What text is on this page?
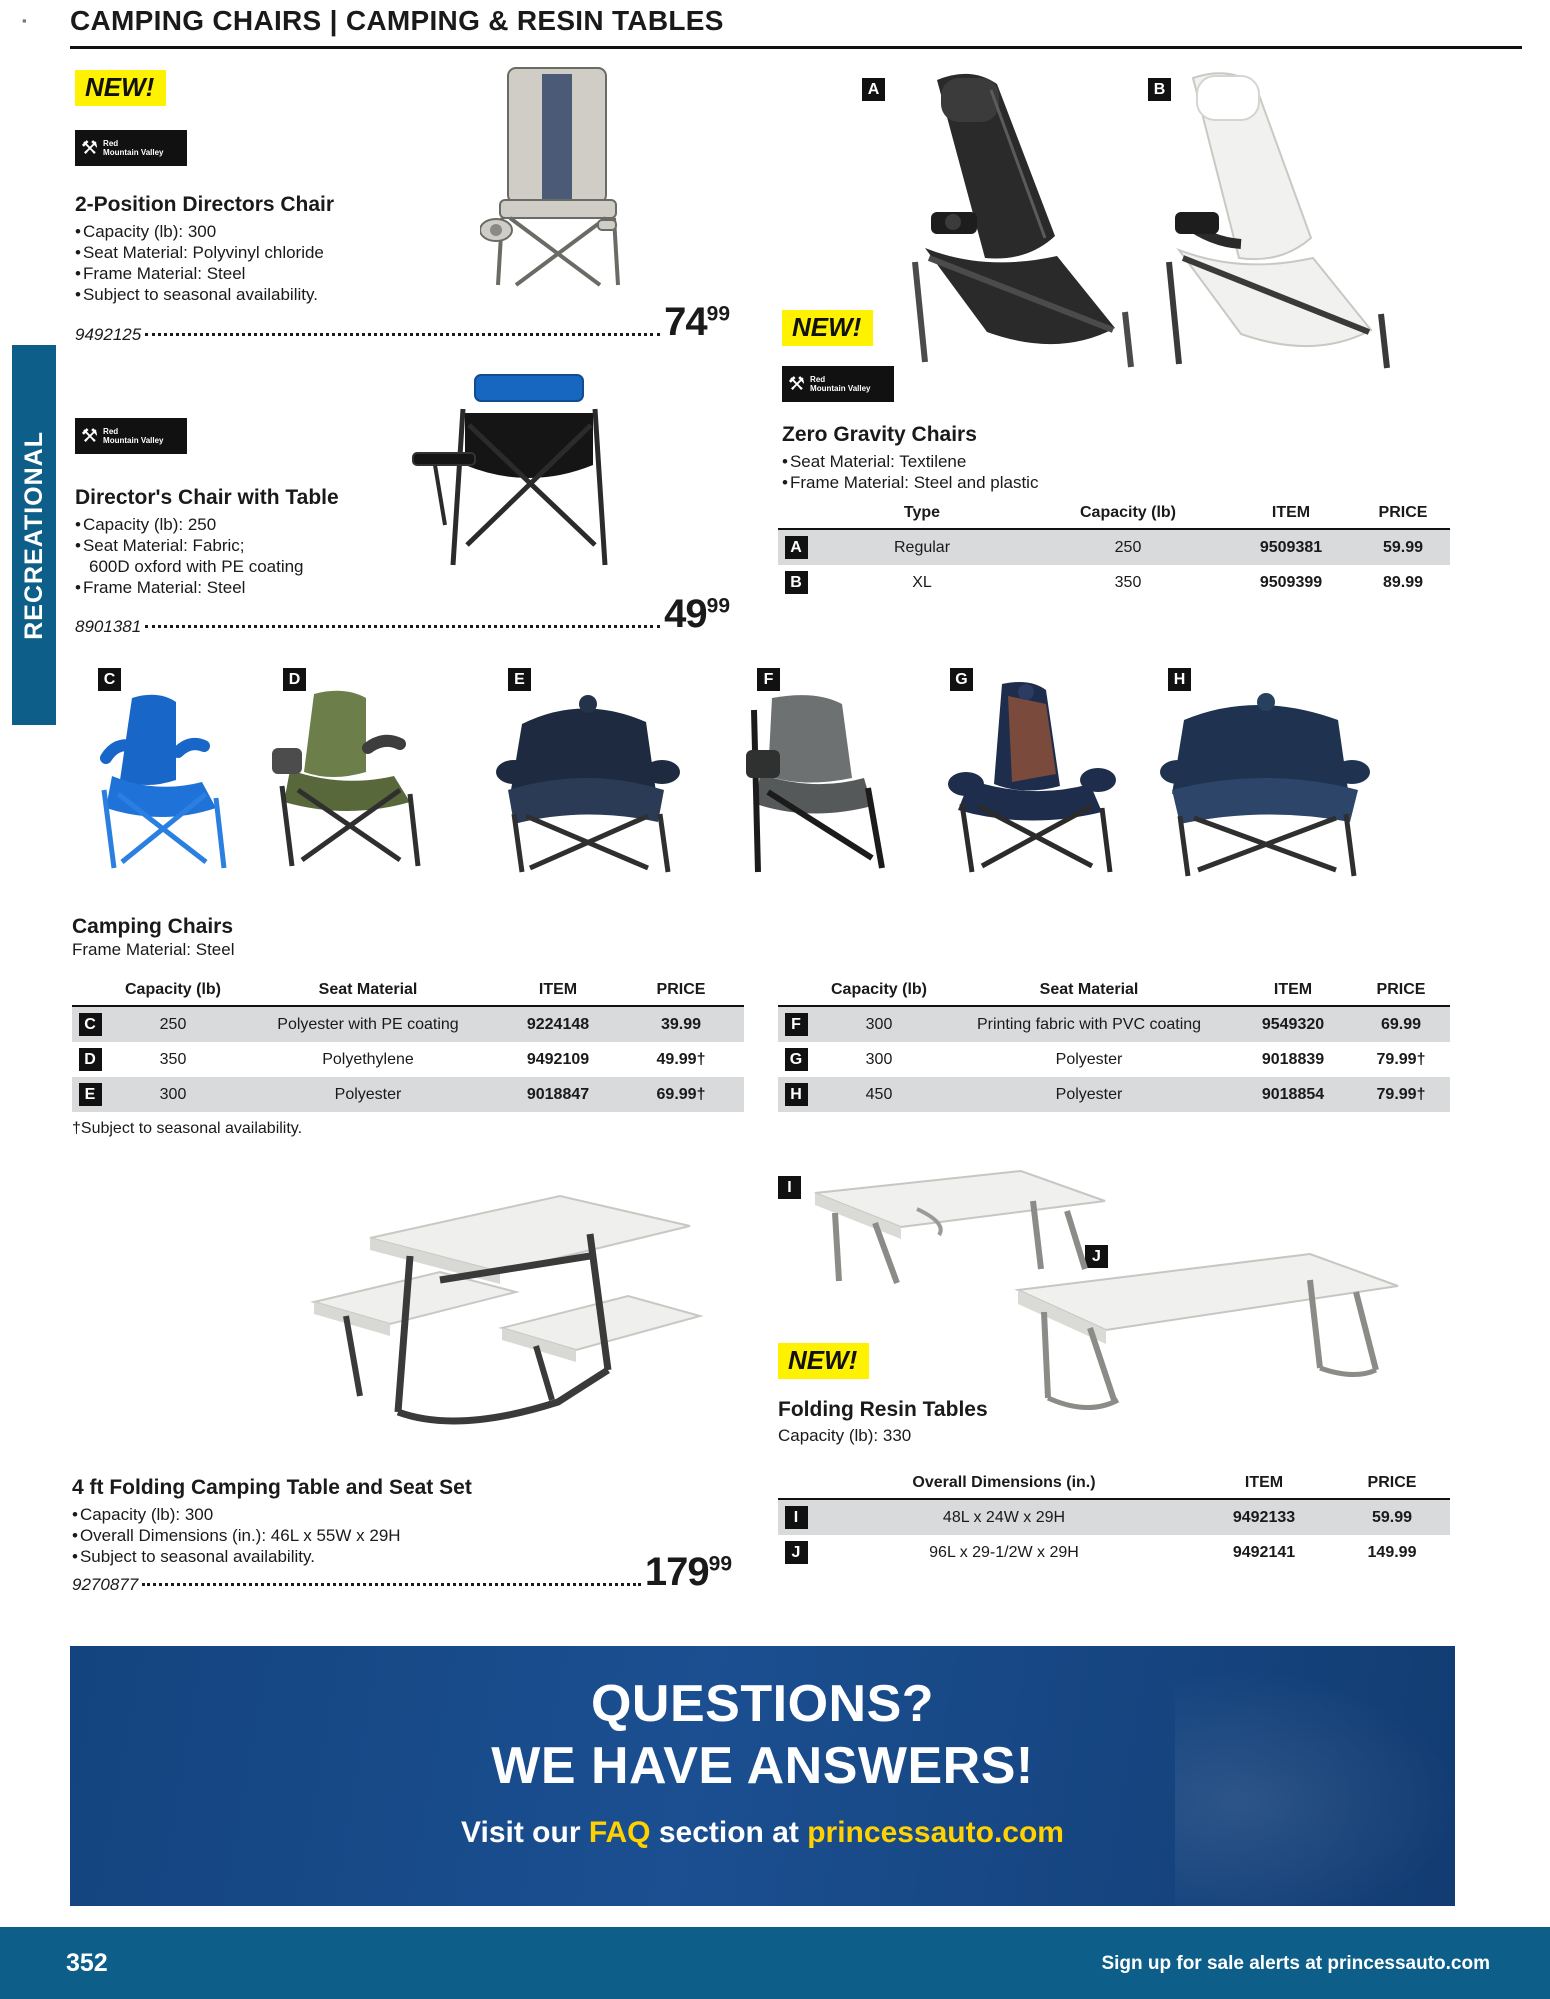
▪
RECREATIONAL
CAMPING CHAIRS | CAMPING & RESIN TABLES
NEW!
⚒ Red
Mountain Valley
2-Position Directors Chair
• Capacity (lb): 300
• Seat Material: Polyvinyl chloride
• Frame Material: Steel
• Subject to seasonal availability.
9492125	$74^{99}$
⚒ Red
Mountain Valley
Director's Chair with Table
• Capacity (lb): 250
• Seat Material: Fabric;
600D oxford with PE coating
• Frame Material: Steel
8901381	$49^{99}$
A	B
NEW!
⚒ Red
Mountain Valley
Zero Gravity Chairs
• Seat Material: Textilene
• Frame Material: Steel and plastic
	Type	Capacity (lb)	ITEM	PRICE

A	Regular	250	9509381	59.99

B	XL	350	9509399	89.99
C	D	E	F	G	H
Camping Chairs
Frame Material: Steel
	Capacity (lb)	Seat Material	ITEM	PRICE

C	250	Polyester with PE coating	9224148	39.99

D	350	Polyethylene	9492109	49.99†

E	300	Polyester	9018847	69.99†
†Subject to seasonal availability.
	Capacity (lb)	Seat Material	ITEM	PRICE

F	300	Printing fabric with PVC coating	9549320	69.99

G	300	Polyester	9018839	79.99†

H	450	Polyester	9018854	79.99†
4 ft Folding Camping Table and Seat Set
• Capacity (lb): 300
• Overall Dimensions (in.): 46L x 55W x 29H
• Subject to seasonal availability.
9270877	$179^{99}$
I
J
NEW!
Folding Resin Tables
Capacity (lb): 330
	Overall Dimensions (in.)	ITEM	PRICE

I	48L x 24W x 29H	9492133	59.99

J	96L x 29-1/2W x 29H	9492141	149.99
QUESTIONS?
WE HAVE ANSWERS!
Visit our FAQ section at princessauto.com
352	Sign up for sale alerts at princessauto.com
